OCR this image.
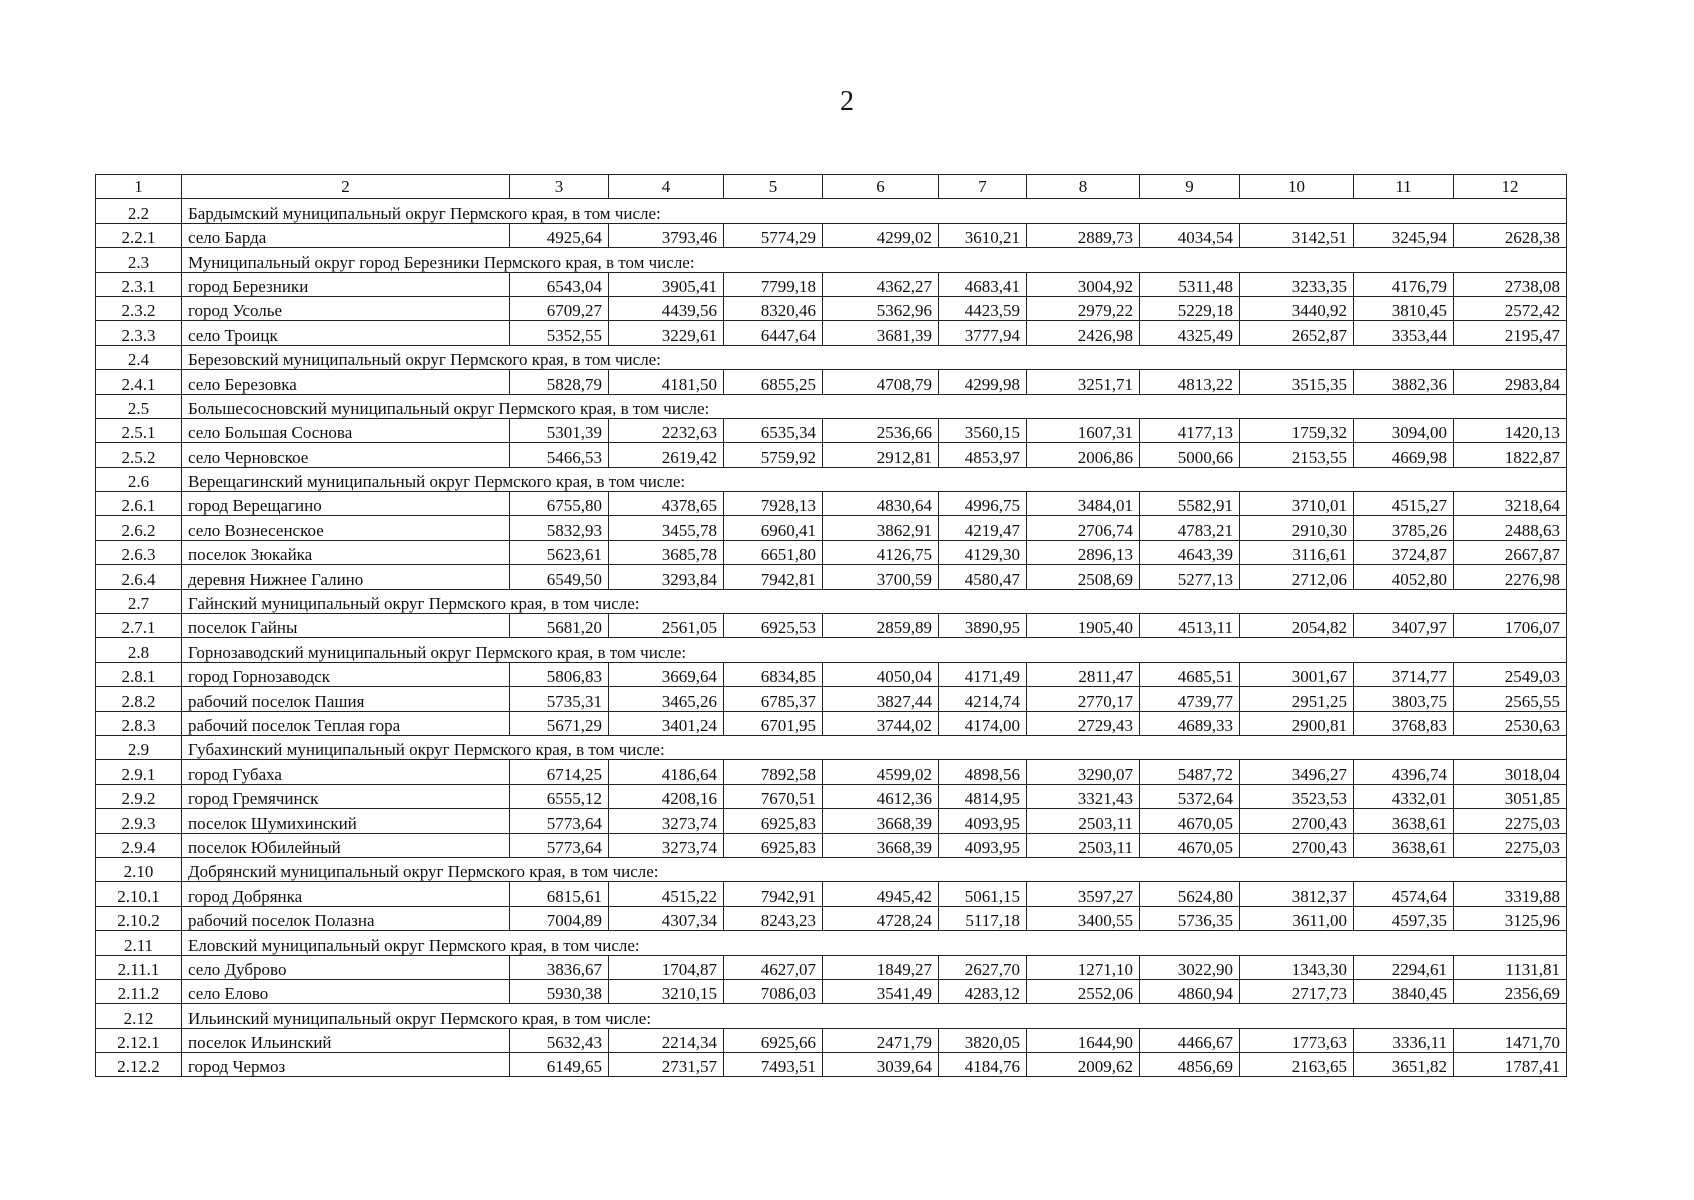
2
1	2	3	4	5	6	7	8	9	10	11	12
2.2	Бардымский муниципальный округ Пермского края, в том числе:										
2.2.1	село Барда	4925,64	3793,46	5774,29	4299,02	3610,21	2889,73	4034,54	3142,51	3245,94	2628,38
2.3	Муниципальный округ город Березники Пермского края, в том числе:										
2.3.1	город Березники	6543,04	3905,41	7799,18	4362,27	4683,41	3004,92	5311,48	3233,35	4176,79	2738,08
2.3.2	город Усолье	6709,27	4439,56	8320,46	5362,96	4423,59	2979,22	5229,18	3440,92	3810,45	2572,42
2.3.3	село Троицк	5352,55	3229,61	6447,64	3681,39	3777,94	2426,98	4325,49	2652,87	3353,44	2195,47
2.4	Березовский муниципальный округ Пермского края, в том числе:										
2.4.1	село Березовка	5828,79	4181,50	6855,25	4708,79	4299,98	3251,71	4813,22	3515,35	3882,36	2983,84
2.5	Большесосновский муниципальный округ Пермского края, в том числе:										
2.5.1	село Большая Соснова	5301,39	2232,63	6535,34	2536,66	3560,15	1607,31	4177,13	1759,32	3094,00	1420,13
2.5.2	село Черновское	5466,53	2619,42	5759,92	2912,81	4853,97	2006,86	5000,66	2153,55	4669,98	1822,87
2.6	Верещагинский муниципальный округ Пермского края, в том числе:										
2.6.1	город Верещагино	6755,80	4378,65	7928,13	4830,64	4996,75	3484,01	5582,91	3710,01	4515,27	3218,64
2.6.2	село Вознесенское	5832,93	3455,78	6960,41	3862,91	4219,47	2706,74	4783,21	2910,30	3785,26	2488,63
2.6.3	поселок Зюкайка	5623,61	3685,78	6651,80	4126,75	4129,30	2896,13	4643,39	3116,61	3724,87	2667,87
2.6.4	деревня Нижнее Галино	6549,50	3293,84	7942,81	3700,59	4580,47	2508,69	5277,13	2712,06	4052,80	2276,98
2.7	Гайнский муниципальный округ Пермского края, в том числе:										
2.7.1	поселок Гайны	5681,20	2561,05	6925,53	2859,89	3890,95	1905,40	4513,11	2054,82	3407,97	1706,07
2.8	Горнозаводский муниципальный округ Пермского края, в том числе:										
2.8.1	город Горнозаводск	5806,83	3669,64	6834,85	4050,04	4171,49	2811,47	4685,51	3001,67	3714,77	2549,03
2.8.2	рабочий поселок Пашия	5735,31	3465,26	6785,37	3827,44	4214,74	2770,17	4739,77	2951,25	3803,75	2565,55
2.8.3	рабочий поселок Теплая гора	5671,29	3401,24	6701,95	3744,02	4174,00	2729,43	4689,33	2900,81	3768,83	2530,63
2.9	Губахинский муниципальный округ Пермского края, в том числе:										
2.9.1	город Губаха	6714,25	4186,64	7892,58	4599,02	4898,56	3290,07	5487,72	3496,27	4396,74	3018,04
2.9.2	город Гремячинск	6555,12	4208,16	7670,51	4612,36	4814,95	3321,43	5372,64	3523,53	4332,01	3051,85
2.9.3	поселок Шумихинский	5773,64	3273,74	6925,83	3668,39	4093,95	2503,11	4670,05	2700,43	3638,61	2275,03
2.9.4	поселок Юбилейный	5773,64	3273,74	6925,83	3668,39	4093,95	2503,11	4670,05	2700,43	3638,61	2275,03
2.10	Добрянский муниципальный округ Пермского края, в том числе:										
2.10.1	город Добрянка	6815,61	4515,22	7942,91	4945,42	5061,15	3597,27	5624,80	3812,37	4574,64	3319,88
2.10.2	рабочий поселок Полазна	7004,89	4307,34	8243,23	4728,24	5117,18	3400,55	5736,35	3611,00	4597,35	3125,96
2.11	Еловский муниципальный округ Пермского края, в том числе:										
2.11.1	село Дуброво	3836,67	1704,87	4627,07	1849,27	2627,70	1271,10	3022,90	1343,30	2294,61	1131,81
2.11.2	село Елово	5930,38	3210,15	7086,03	3541,49	4283,12	2552,06	4860,94	2717,73	3840,45	2356,69
2.12	Ильинский муниципальный округ Пермского края, в том числе:										
2.12.1	поселок Ильинский	5632,43	2214,34	6925,66	2471,79	3820,05	1644,90	4466,67	1773,63	3336,11	1471,70
2.12.2	город Чермоз	6149,65	2731,57	7493,51	3039,64	4184,76	2009,62	4856,69	2163,65	3651,82	1787,41
